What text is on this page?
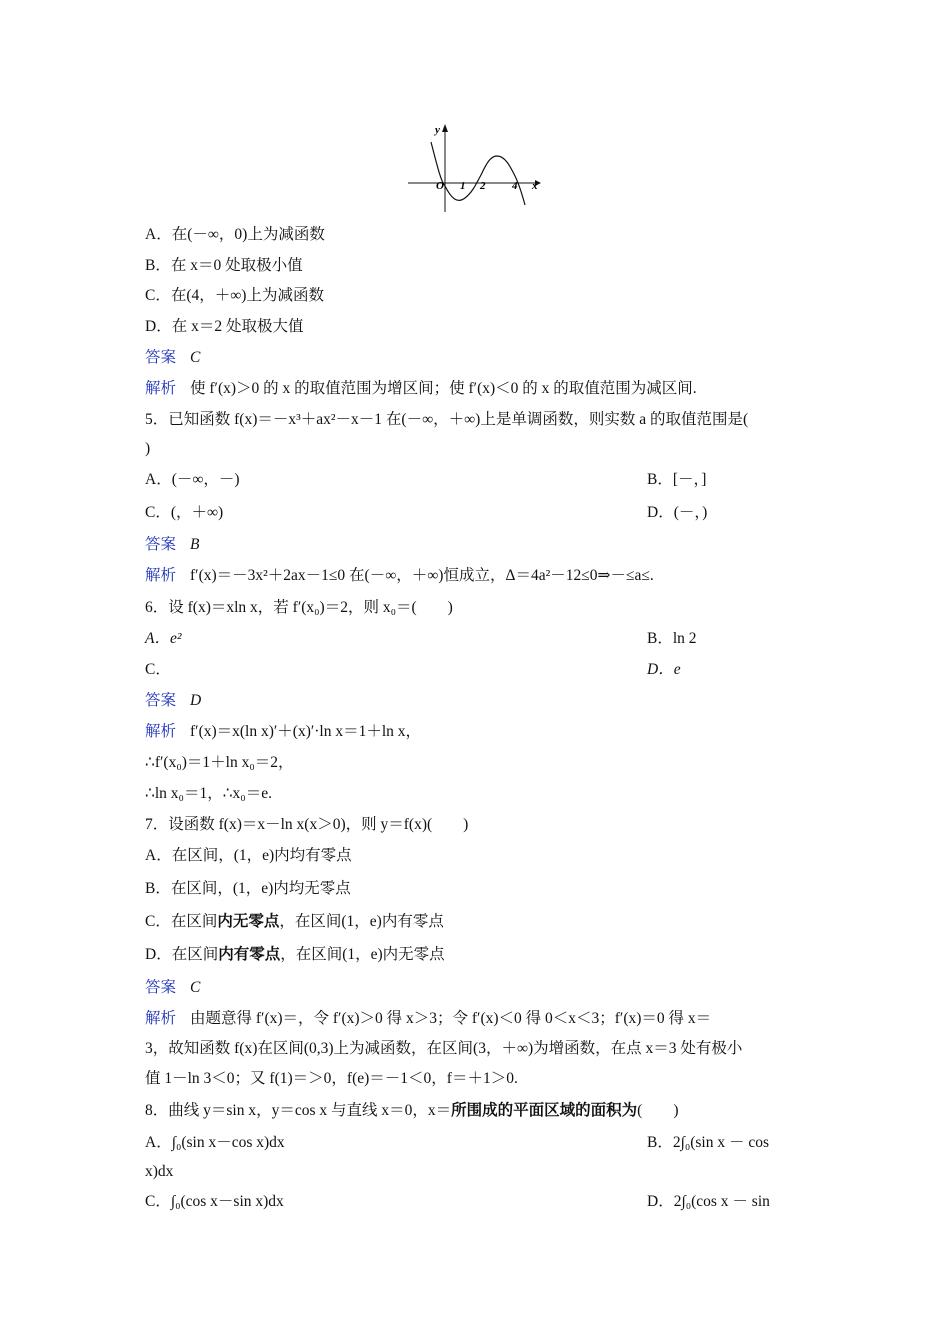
y
O 1 2 4 x
A．在(－∞，0)上为减函数
B．在 x＝0 处取极小值
C．在(4，＋∞)上为减函数
D．在 x＝2 处取极大值
答案 C
解析 使 f′(x)＞0 的 x 的取值范围为增区间；使 f′(x)＜0 的 x 的取值范围为减区间.
5．已知函数 f(x)＝－x³＋ax²－x－1 在(－∞，＋∞)上是单调函数，则实数 a 的取值范围是(
)
A．(－∞，－)	B．[－，]
C．(，＋∞)	D．(－，)
答案 B
解析 f′(x)＝－3x²＋2ax－1≤0 在(－∞，＋∞)恒成立，Δ＝4a²－12≤0⇒－≤a≤.
6．设 f(x)＝xln x，若 f′(x₀)＝2，则 x₀＝(　　)
A．e²	B．ln 2
C．	D．e
答案 D
解析 f′(x)＝x(ln x)′＋(x)′·ln x＝1＋ln x，
∴f′(x₀)＝1＋ln x₀＝2，
∴ln x₀＝1，∴x₀＝e.
7．设函数 f(x)＝x－ln x(x＞0)，则 y＝f(x)(　　)
A．在区间，(1，e)内均有零点
B．在区间，(1，e)内均无零点
C．在区间内无零点，在区间(1，e)内有零点
D．在区间内有零点，在区间(1，e)内无零点
答案 C
解析 由题意得 f′(x)＝，令 f′(x)＞0 得 x＞3；令 f′(x)＜0 得 0＜x＜3；f′(x)＝0 得 x＝
3，故知函数 f(x)在区间(0,3)上为减函数，在区间(3，＋∞)为增函数，在点 x＝3 处有极小
值 1－ln 3＜0；又 f(1)＝＞0，f(e)＝－1＜0，f＝＋1＞0.
8．曲线 y＝sin x，y＝cos x 与直线 x＝0，x＝所围成的平面区域的面积为(　　)
A．∫₀(sin x－cos x)dx	B．2∫₀(sin x － cos
x)dx
C．∫₀(cos x－sin x)dx	D．2∫₀(cos x － sin
